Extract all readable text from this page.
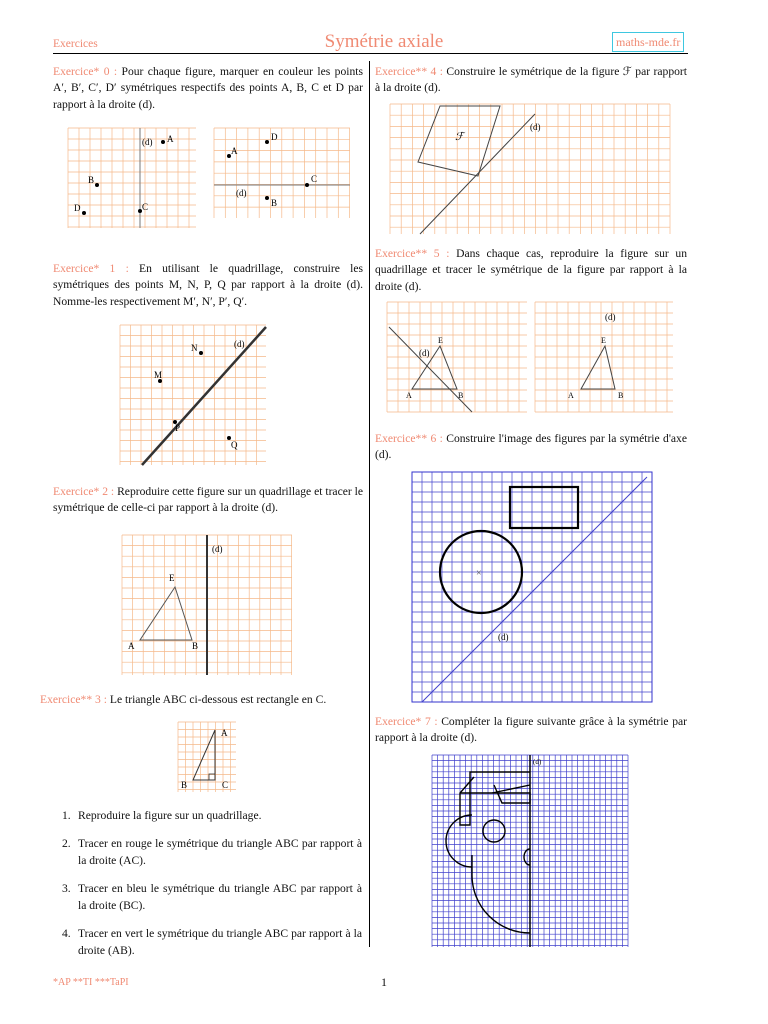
Exercices	Symétrie axiale	maths-mde.fr
Exercice* 0 : Pour chaque figure, marquer en couleur les points A′, B′, C′, D′ symétriques respectifs des points A, B, C et D par rapport à la droite (d).
(d) A
B
C
D
(d)
D
A
C
B
Exercice* 1 : En utilisant le quadrillage, construire les symétriques des points M, N, P, Q par rapport à la droite (d). Nomme-les respectivement M′, N′, P′, Q′.
(d)
N
M
P
Q
Exercice* 2 : Reproduire cette figure sur un quadrillage et tracer le symétrique de celle-ci par rapport à la droite (d).
(d)
E
A	B
Exercice** 3 : Le triangle ABC ci-dessous est rectangle en C.
A
B	C
1. Reproduire la figure sur un quadrillage.
2. Tracer en rouge le symétrique du triangle ABC par rapport à la droite (AC).
3. Tracer en bleu le symétrique du triangle ABC par rapport à la droite (BC).
4. Tracer en vert le symétrique du triangle ABC par rapport à la droite (AB).
Exercice** 4 : Construire le symétrique de la figure ℱ par rapport à la droite (d).
(d)
ℱ
Exercice** 5 : Dans chaque cas, reproduire la figure sur un quadrillage et tracer le symétrique de la figure par rapport à la droite (d).
(d)
E
A	B
(d)
E
A	B
Exercice** 6 : Construire l'image des figures par la symétrie d'axe (d).
(d)
×
Exercice* 7 : Compléter la figure suivante grâce à la symétrie par rapport à la droite (d).
(d)
*AP **TI ***TaPI	1
